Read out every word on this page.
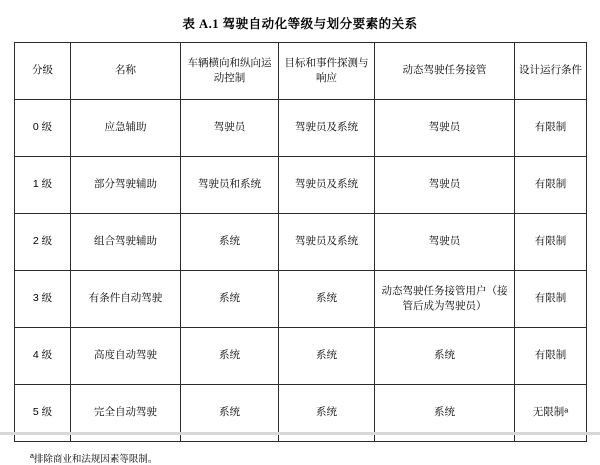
表 A.1 驾驶自动化等级与划分要素的关系
分级	名称	车辆横向和纵向运动控制	目标和事件探测与响应	动态驾驶任务接管	设计运行条件

0 级	应急辅助	驾驶员	驾驶员及系统	驾驶员	有限制

1 级	部分驾驶辅助	驾驶员和系统	驾驶员及系统	驾驶员	有限制

2 级	组合驾驶辅助	系统	驾驶员及系统	驾驶员	有限制

3 级	有条件自动驾驶	系统	系统	动态驾驶任务接管用户（接管后成为驾驶员）	有限制

4 级	高度自动驾驶	系统	系统	系统	有限制

5 级	完全自动驾驶	系统	系统	系统	无限制ᵃ
$^a$排除商业和法规因素等限制。
